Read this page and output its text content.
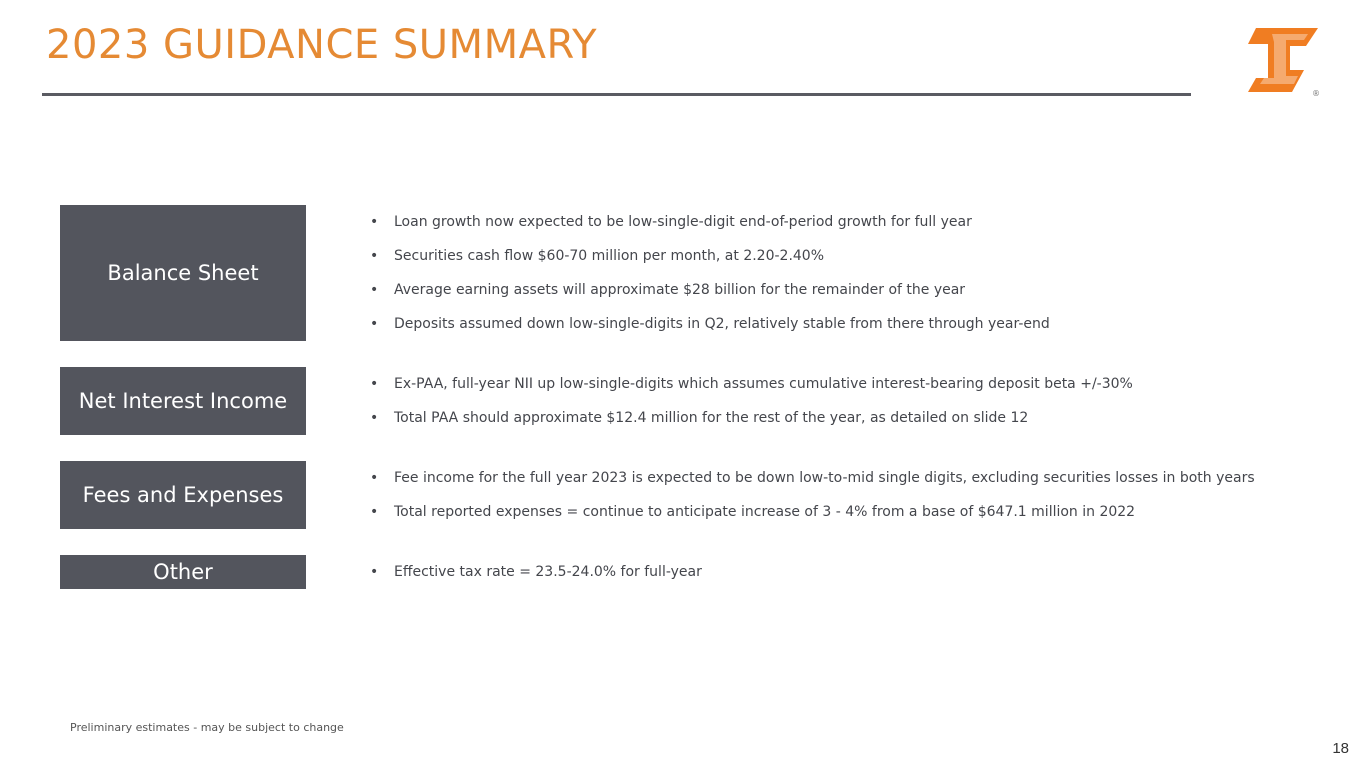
2023 GUIDANCE SUMMARY
®
Balance Sheet
• Loan growth now expected to be low-single-digit end-of-period growth for full year
• Securities cash flow $60-70 million per month, at 2.20-2.40%
• Average earning assets will approximate $28 billion for the remainder of the year
• Deposits assumed down low-single-digits in Q2, relatively stable from there through year-end
Net Interest Income
• Ex-PAA, full-year NII up low-single-digits which assumes cumulative interest-bearing deposit beta +/-30%
• Total PAA should approximate $12.4 million for the rest of the year, as detailed on slide 12
Fees and Expenses
• Fee income for the full year 2023 is expected to be down low-to-mid single digits, excluding securities losses in both years
• Total reported expenses = continue to anticipate increase of 3 - 4% from a base of $647.1 million in 2022
Other	• Effective tax rate = 23.5-24.0% for full-year
Preliminary estimates - may be subject to change
18
